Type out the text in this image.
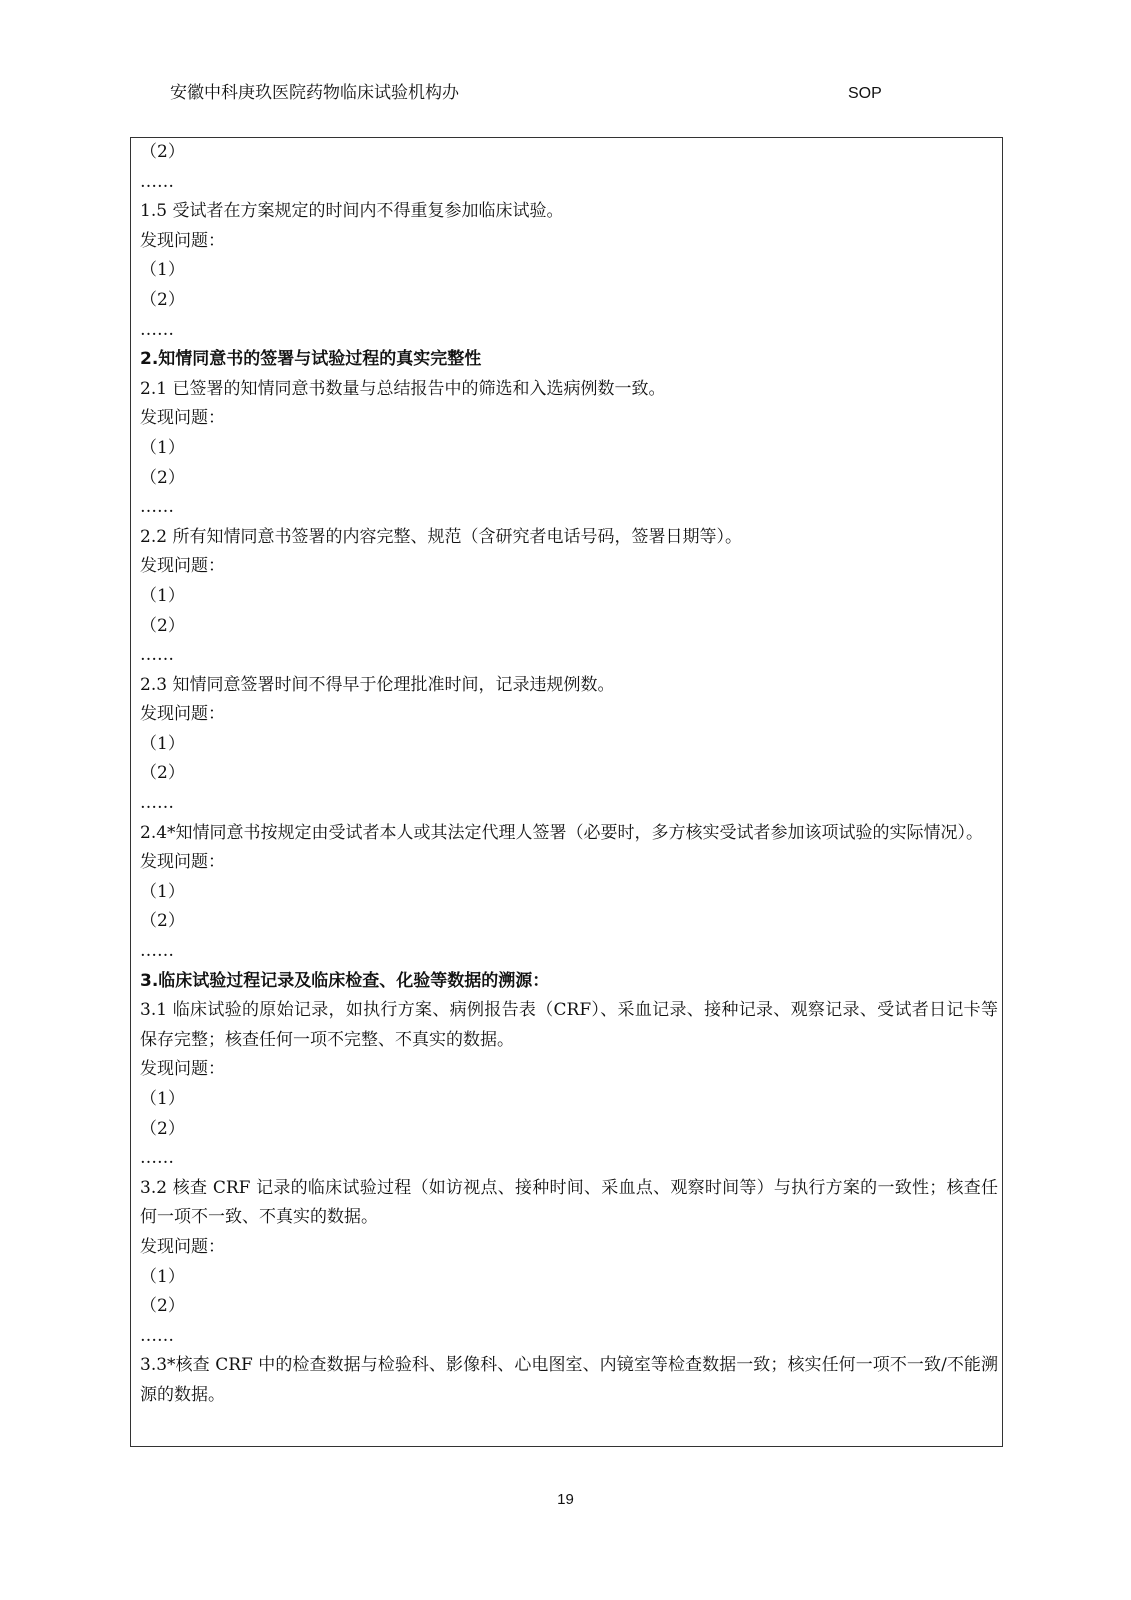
安徽中科庚玖医院药物临床试验机构办	SOP
（2）
……
1.5 受试者在方案规定的时间内不得重复参加临床试验。
发现问题：
（1）
（2）
……
2.知情同意书的签署与试验过程的真实完整性
2.1 已签署的知情同意书数量与总结报告中的筛选和入选病例数一致。
发现问题：
（1）
（2）
……
2.2 所有知情同意书签署的内容完整、规范（含研究者电话号码，签署日期等）。
发现问题：
（1）
（2）
……
2.3 知情同意签署时间不得早于伦理批准时间，记录违规例数。
发现问题：
（1）
（2）
……
2.4*知情同意书按规定由受试者本人或其法定代理人签署（必要时，多方核实受试者参加该项试验的实际情况）。
发现问题：
（1）
（2）
……
3.临床试验过程记录及临床检查、化验等数据的溯源：
3.1 临床试验的原始记录，如执行方案、病例报告表（CRF）、采血记录、接种记录、观察记录、受试者日记卡等保存完整；核查任何一项不完整、不真实的数据。
发现问题：
（1）
（2）
……
3.2 核查 CRF 记录的临床试验过程（如访视点、接种时间、采血点、观察时间等）与执行方案的一致性；核查任何一项不一致、不真实的数据。
发现问题：
（1）
（2）
……
3.3*核查 CRF 中的检查数据与检验科、影像科、心电图室、内镜室等检查数据一致；核实任何一项不一致/不能溯源的数据。
19
